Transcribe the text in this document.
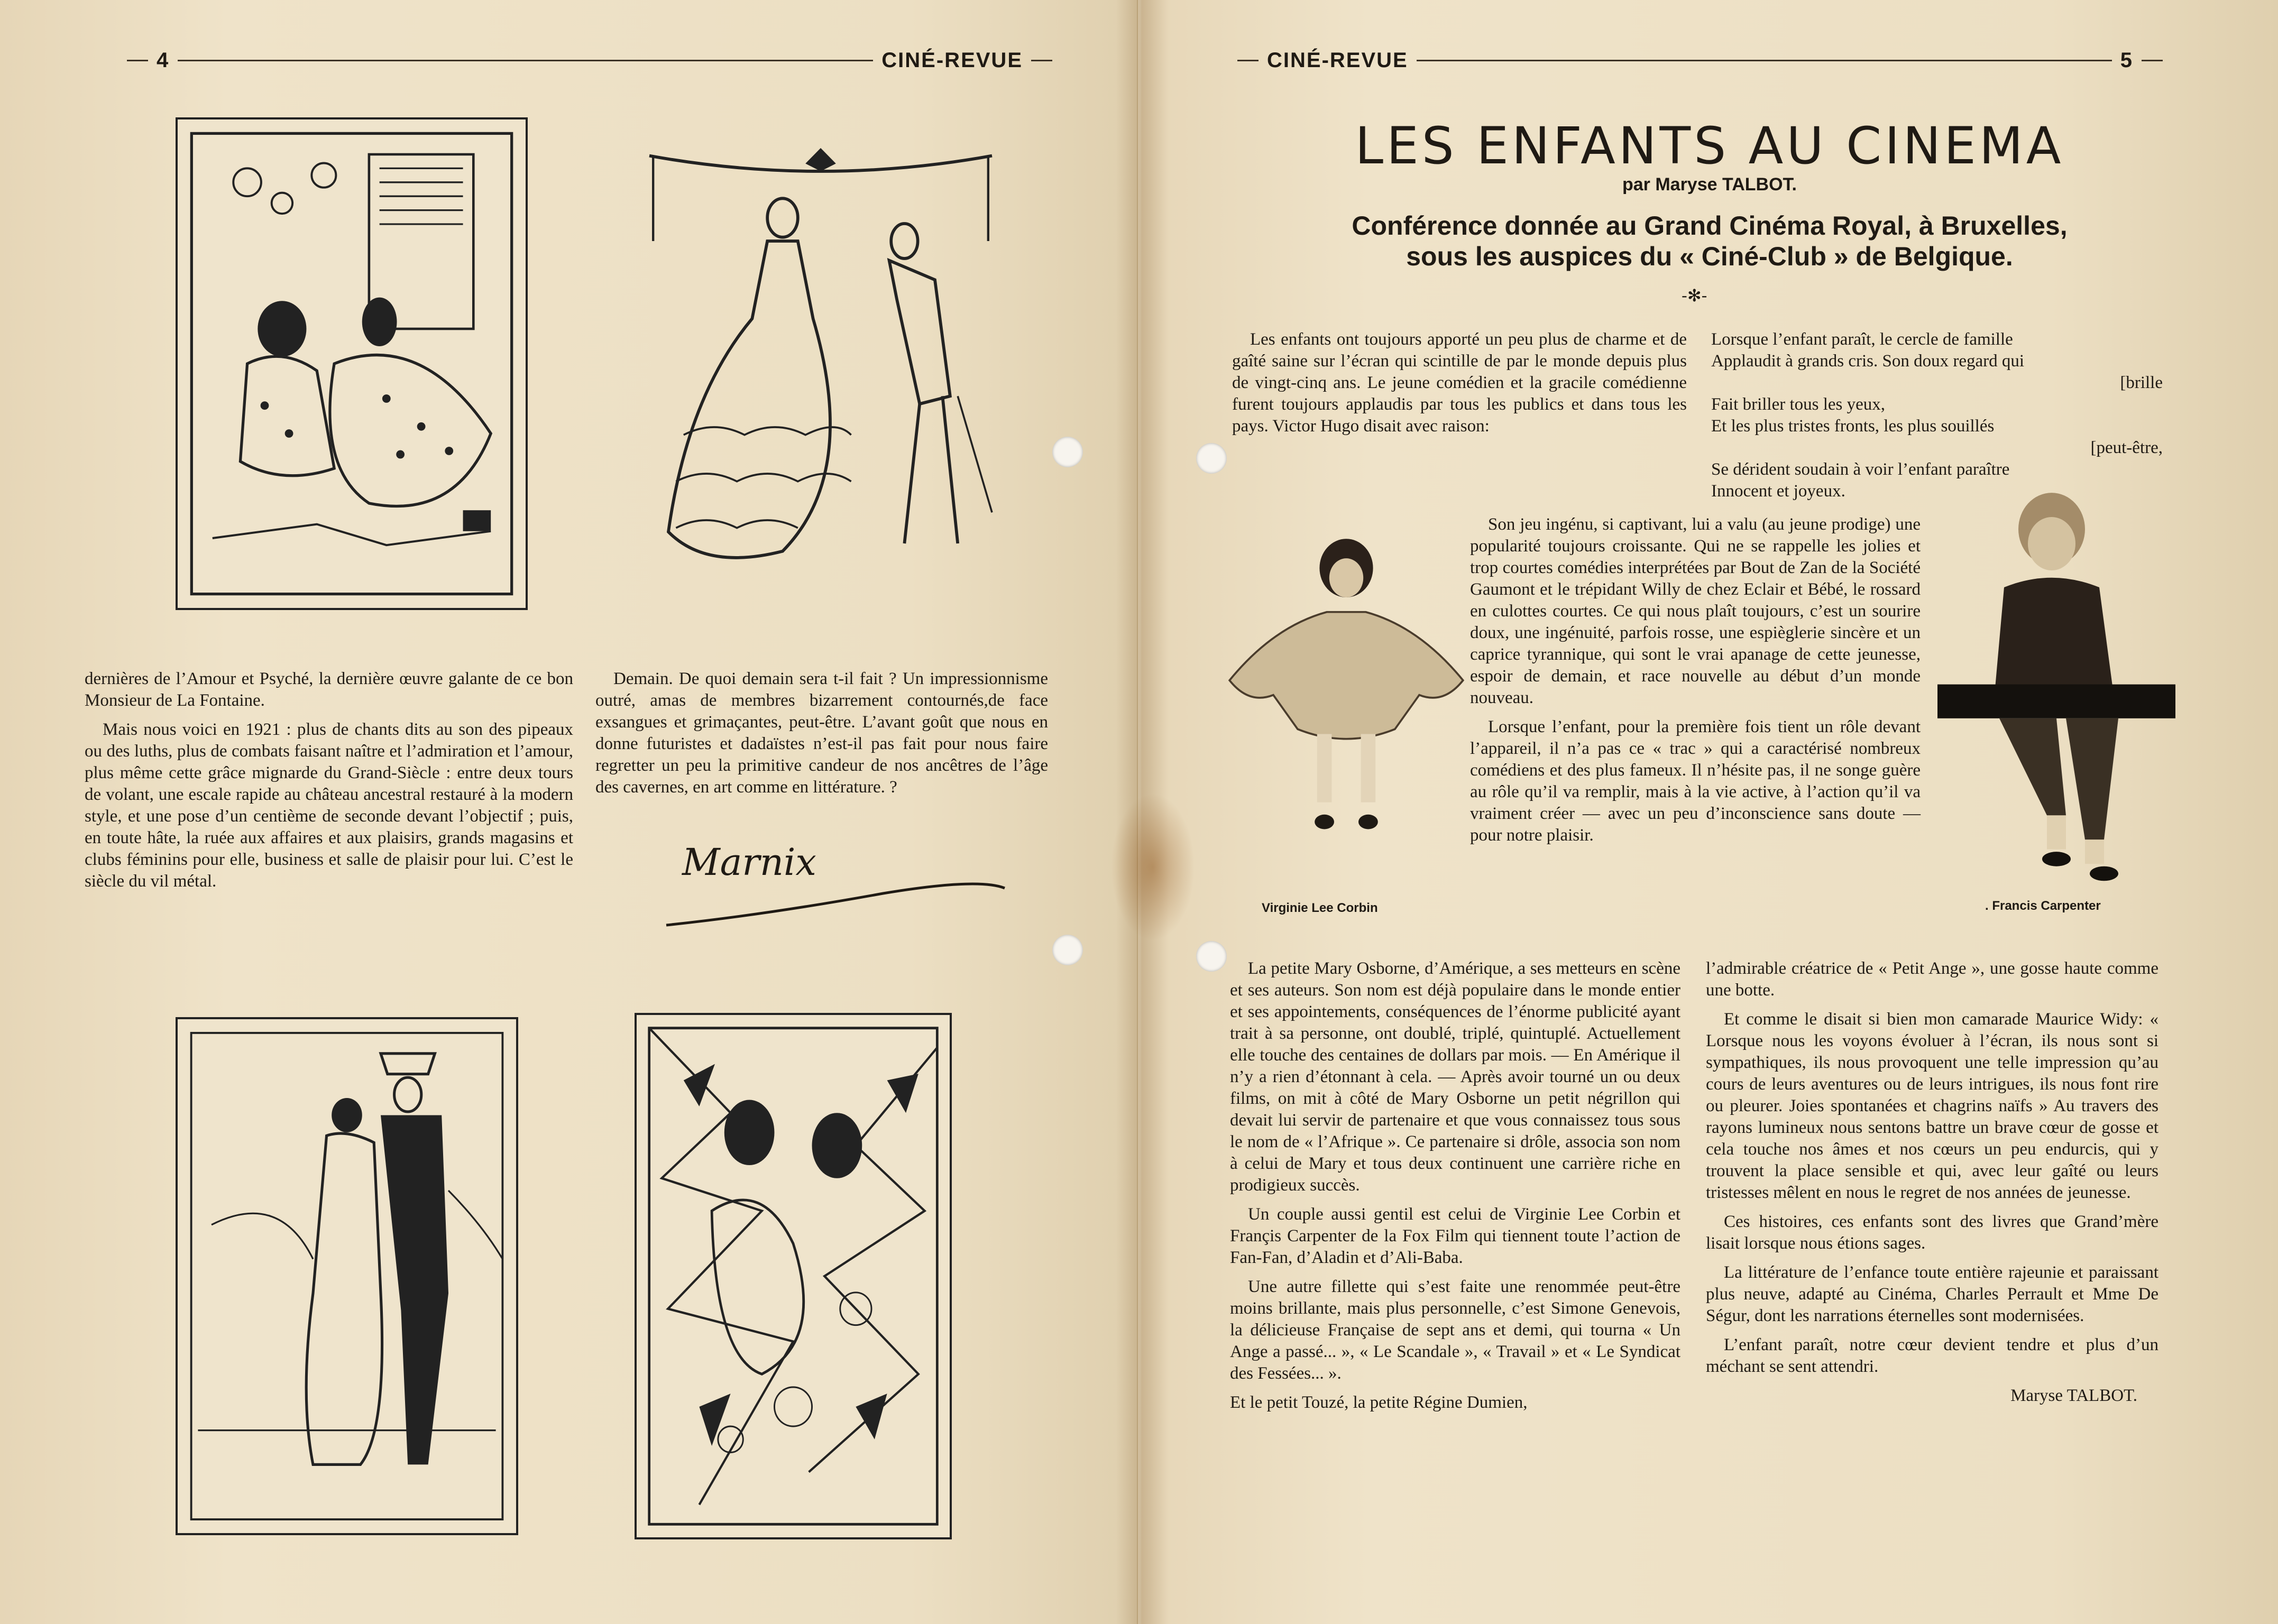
4	CINÉ-REVUE

dernières de l’Amour et Psyché, la dernière œuvre galante de ce bon Monsieur de La Fontaine.

Mais nous voici en 1921 : plus de chants dits au son des pipeaux ou des luths, plus de combats faisant naître et l’admiration et l’amour, plus même cette grâce mignarde du Grand-Siècle : entre deux tours de volant, une escale rapide au château ancestral restauré à la modern style, et une pose d’un centième de seconde devant l’objectif ; puis, en toute hâte, la ruée aux affaires et aux plaisirs, grands magasins et clubs féminins pour elle, business et salle de plaisir pour lui. C’est le siècle du vil métal.

Demain. De quoi demain sera t-il fait ? Un impressionnisme outré, amas de membres bizarrement contournés,de face exsangues et grimaçantes, peut-être. L’avant goût que nous en donne futuristes et dadaïstes n’est-il pas fait pour nous faire regretter un peu la primitive candeur de nos ancêtres de l’âge des cavernes, en art comme en littérature. ?

Marnix
CINÉ-REVUE	5
LES ENFANTS AU CINEMA
par Maryse TALBOT.
Conférence donnée au Grand Cinéma Royal, à Bruxelles,
sous les auspices du « Ciné-Club » de Belgique.
-✻-

Les enfants ont toujours apporté un peu plus de charme et de gaîté saine sur l’écran qui scintille de par le monde depuis plus de vingt-cinq ans. Le jeune comédien et la gracile comédienne furent toujours applaudis par tous les publics et dans tous les pays. Victor Hugo disait avec raison:

Lorsque l’enfant paraît, le cercle de famille
Applaudit à grands cris. Son doux regard qui
[brille
Fait briller tous les yeux,
Et les plus tristes fronts, les plus souillés
[peut-être,
Se dérident soudain à voir l’enfant paraître
Innocent et joyeux.
Virginie Lee Corbin	. Francis Carpenter

Son jeu ingénu, si captivant, lui a valu (au jeune prodige) une popularité toujours croissante. Qui ne se rappelle les jolies et trop courtes comédies interprétées par Bout de Zan de la Société Gaumont et le trépidant Willy de chez Eclair et Bébé, le rossard en culottes courtes. Ce qui nous plaît toujours, c’est un sourire doux, une ingénuité, parfois rosse, une espièglerie sincère et un caprice tyrannique, qui sont le vrai apanage de cette jeunesse, espoir de demain, et race nouvelle au début d’un monde nouveau.

Lorsque l’enfant, pour la première fois tient un rôle devant l’appareil, il n’a pas ce « trac » qui a caractérisé nombreux comédiens et des plus fameux. Il n’hésite pas, il ne songe guère au rôle qu’il va remplir, mais à la vie active, à l’action qu’il va vraiment créer — avec un peu d’inconscience sans doute — pour notre plaisir.

La petite Mary Osborne, d’Amérique, a ses metteurs en scène et ses auteurs. Son nom est déjà populaire dans le monde entier et ses appointements, conséquences de l’énorme publicité ayant trait à sa personne, ont doublé, triplé, quintuplé. Actuellement elle touche des centaines de dollars par mois. — En Amérique il n’y a rien d’étonnant à cela. — Après avoir tourné un ou deux films, on mit à côté de Mary Osborne un petit négrillon qui devait lui servir de partenaire et que vous connaissez tous sous le nom de « l’Afrique ». Ce partenaire si drôle, associa son nom à celui de Mary et tous deux continuent une carrière riche en prodigieux succès.

Un couple aussi gentil est celui de Virginie Lee Corbin et Françis Carpenter de la Fox Film qui tiennent toute l’action de Fan-Fan, d’Aladin et d’Ali-Baba.

Une autre fillette qui s’est faite une renommée peut-être moins brillante, mais plus personnelle, c’est Simone Genevois, la délicieuse Française de sept ans et demi, qui tourna « Un Ange a passé... », « Le Scandale », « Travail » et « Le Syndicat des Fessées... ».

Et le petit Touzé, la petite Régine Dumien,

l’admirable créatrice de « Petit Ange », une gosse haute comme une botte.

Et comme le disait si bien mon camarade Maurice Widy: « Lorsque nous les voyons évoluer à l’écran, ils nous sont si sympathiques, ils nous provoquent une telle impression qu’au cours de leurs aventures ou de leurs intrigues, ils nous font rire ou pleurer. Joies spontanées et chagrins naïfs » Au travers des rayons lumineux nous sentons battre un brave cœur de gosse et cela touche nos âmes et nos cœurs un peu endurcis, qui y trouvent la place sensible et qui, avec leur gaîté ou leurs tristesses mêlent en nous le regret de nos années de jeunesse.

Ces histoires, ces enfants sont des livres que Grand’mère lisait lorsque nous étions sages.

La littérature de l’enfance toute entière rajeunie et paraissant plus neuve, adapté au Cinéma, Charles Perrault et Mme De Ségur, dont les narrations éternelles sont modernisées.

L’enfant paraît, notre cœur devient tendre et plus d’un méchant se sent attendri.

Maryse TALBOT.
